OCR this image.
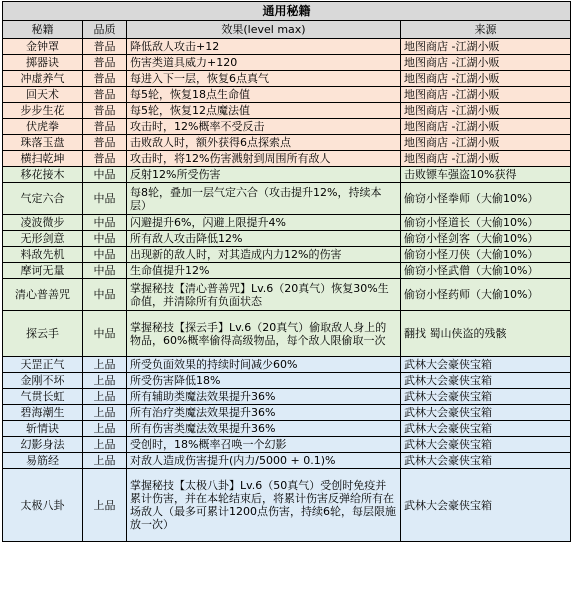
通用秘籍			
秘籍	品质	效果(level max)	来源
金钟罩	普品	降低敌人攻击+12	地图商店 -江湖小贩
掷器诀	普品	伤害类道具威力+120	地图商店 -江湖小贩
冲虚养气	普品	每进入下一层，恢复6点真气	地图商店 -江湖小贩
回天术	普品	每5轮，恢复18点生命值	地图商店 -江湖小贩
步步生花	普品	每5轮，恢复12点魔法值	地图商店 -江湖小贩
伏虎拳	普品	攻击时，12%概率不受反击	地图商店 -江湖小贩
珠落玉盘	普品	击败敌人时，额外获得6点探索点	地图商店 -江湖小贩
横扫乾坤	普品	攻击时，将12%伤害溅射到周围所有敌人	地图商店 -江湖小贩
移花接木	中品	反射12%所受伤害	击败镖车强盗10%获得
气定六合	中品	每8轮，叠加一层气定六合（攻击提升12%，持续本层）	偷窃小怪拳师（大偷10%）
凌波微步	中品	闪避提升6%，闪避上限提升4%	偷窃小怪道长（大偷10%）
无形剑意	中品	所有敌人攻击降低12%	偷窃小怪剑客（大偷10%）
料敌先机	中品	出现新的敌人时，对其造成内力12%的伤害	偷窃小怪刀侠（大偷10%）
摩诃无量	中品	生命值提升12%	偷窃小怪武僧（大偷10%）
清心普善咒	中品	掌握秘技【清心普善咒】Lv.6（20真气）恢复30%生命值，并清除所有负面状态	偷窃小怪药师（大偷10%）
探云手	中品	掌握秘技【探云手】Lv.6（20真气）偷取敌人身上的物品，60%概率偷得高级物品，每个敌人限偷取一次	翻找 蜀山侠盗的残骸
天罡正气	上品	所受负面效果的持续时间减少60%	武林大会豪侠宝箱
金刚不坏	上品	所受伤害降低18%	武林大会豪侠宝箱
气贯长虹	上品	所有辅助类魔法效果提升36%	武林大会豪侠宝箱
碧海潮生	上品	所有治疗类魔法效果提升36%	武林大会豪侠宝箱
斩情诀	上品	所有伤害类魔法效果提升36%	武林大会豪侠宝箱
幻影身法	上品	受创时，18%概率召唤一个幻影	武林大会豪侠宝箱
易筋经	上品	对敌人造成伤害提升(内力/5000 + 0.1)%	武林大会豪侠宝箱
太极八卦	上品	掌握秘技【太极八卦】Lv.6（50真气）受创时免疫并累计伤害，并在本轮结束后，将累计伤害反弹给所有在场敌人（最多可累计1200点伤害，持续6轮，每层限施放一次）	武林大会豪侠宝箱
